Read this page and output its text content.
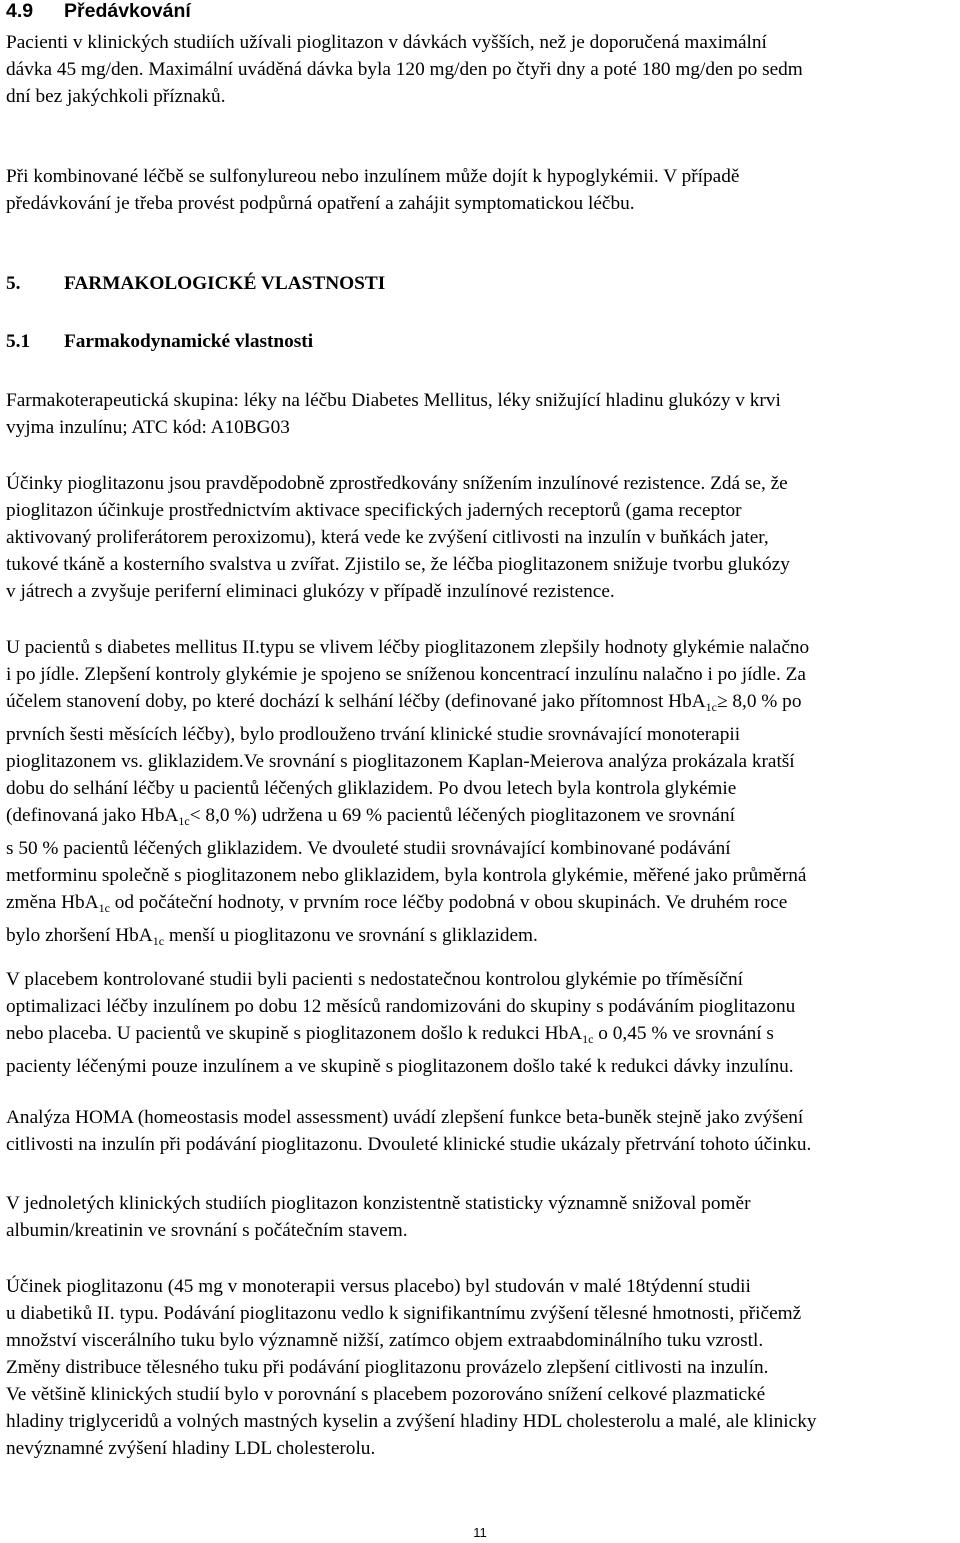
4.9 Předávkování
Pacienti v klinických studiích užívali pioglitazon v dávkách vyšších, než je doporučená maximální
dávka 45 mg/den. Maximální uváděná dávka byla 120 mg/den po čtyři dny a poté 180 mg/den po sedm
dní bez jakýchkoli příznaků.
Při kombinované léčbě se sulfonylureou nebo inzulínem může dojít k hypoglykémii. V případě
předávkování je třeba provést podpůrná opatření a zahájit symptomatickou léčbu.
5. FARMAKOLOGICKÉ VLASTNOSTI
5.1 Farmakodynamické vlastnosti
Farmakoterapeutická skupina: léky na léčbu Diabetes Mellitus, léky snižující hladinu glukózy v krvi
vyjma inzulínu; ATC kód: A10BG03
Účinky pioglitazonu jsou pravděpodobně zprostředkovány snížením inzulínové rezistence. Zdá se, že
pioglitazon účinkuje prostřednictvím aktivace specifických jaderných receptorů (gama receptor
aktivovaný proliferátorem peroxizomu), která vede ke zvýšení citlivosti na inzulín v buňkách jater,
tukové tkáně a kosterního svalstva u zvířat. Zjistilo se, že léčba pioglitazonem snižuje tvorbu glukózy
v játrech a zvyšuje periferní eliminaci glukózy v případě inzulínové rezistence.
U pacientů s diabetes mellitus II.typu se vlivem léčby pioglitazonem zlepšily hodnoty glykémie nalačno
i po jídle. Zlepšení kontroly glykémie je spojeno se sníženou koncentrací inzulínu nalačno i po jídle. Za
účelem stanovení doby, po které dochází k selhání léčby (definované jako přítomnost HbA$_{1c}$≥ 8,0 % po
prvních šesti měsících léčby), bylo prodlouženo trvání klinické studie srovnávající monoterapii
pioglitazonem vs. gliklazidem.Ve srovnání s pioglitazonem Kaplan-Meierova analýza prokázala kratší
dobu do selhání léčby u pacientů léčených gliklazidem. Po dvou letech byla kontrola glykémie
(definovaná jako HbA$_{1c}$< 8,0 %) udržena u 69 % pacientů léčených pioglitazonem ve srovnání
s 50 % pacientů léčených gliklazidem. Ve dvouleté studii srovnávající kombinované podávání
metforminu společně s pioglitazonem nebo gliklazidem, byla kontrola glykémie, měřené jako průměrná
změna HbA$_{1c}$ od počáteční hodnoty, v prvním roce léčby podobná v obou skupinách. Ve druhém roce
bylo zhoršení HbA$_{1c}$ menší u pioglitazonu ve srovnání s gliklazidem.
V placebem kontrolované studii byli pacienti s nedostatečnou kontrolou glykémie po tříměsíční
optimalizaci léčby inzulínem po dobu 12 měsíců randomizováni do skupiny s podáváním pioglitazonu
nebo placeba. U pacientů ve skupině s pioglitazonem došlo k redukci HbA$_{1c}$ o 0,45 % ve srovnání s
pacienty léčenými pouze inzulínem a ve skupině s pioglitazonem došlo také k redukci dávky inzulínu.
Analýza HOMA (homeostasis model assessment) uvádí zlepšení funkce beta-buněk stejně jako zvýšení
citlivosti na inzulín při podávání pioglitazonu. Dvouleté klinické studie ukázaly přetrvání tohoto účinku.
V jednoletých klinických studiích pioglitazon konzistentně statisticky významně snižoval poměr
albumin/kreatinin ve srovnání s počátečním stavem.
Účinek pioglitazonu (45 mg v monoterapii versus placebo) byl studován v malé 18týdenní studii
u diabetiků II. typu. Podávání pioglitazonu vedlo k signifikantnímu zvýšení tělesné hmotnosti, přičemž
množství viscerálního tuku bylo významně nižší, zatímco objem extraabdominálního tuku vzrostl.
Změny distribuce tělesného tuku při podávání pioglitazonu provázelo zlepšení citlivosti na inzulín.
Ve většině klinických studií bylo v porovnání s placebem pozorováno snížení celkové plazmatické
hladiny triglyceridů a volných mastných kyselin a zvýšení hladiny HDL cholesterolu a malé, ale klinicky
nevýznamné zvýšení hladiny LDL cholesterolu.
11
